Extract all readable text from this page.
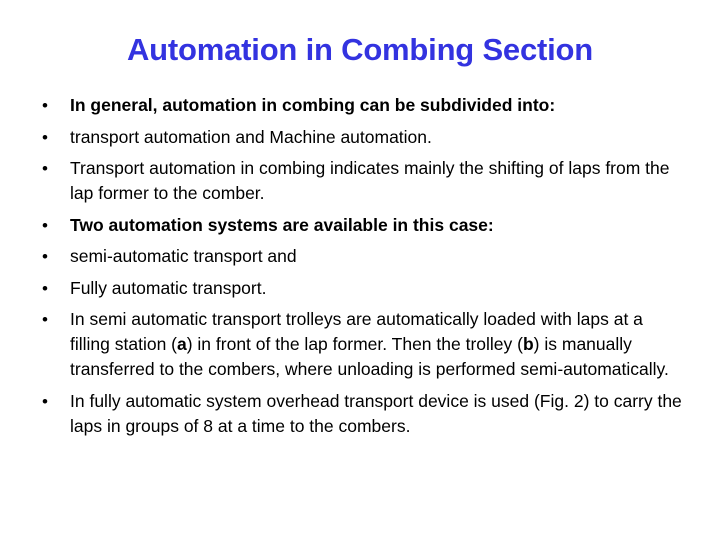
Automation in Combing Section
•	In general, automation in combing can be subdivided into:
•	transport automation and Machine automation.
•	Transport automation in combing indicates mainly the shifting of laps from the lap former to the comber.
•	Two automation systems are available in this case:
•	semi-automatic transport and
•	Fully automatic transport.
•	In semi automatic transport trolleys are automatically loaded with laps at a filling station (a) in front of the lap former. Then the trolley (b) is manually transferred to the combers, where unloading is performed semi-automatically.
•	In fully automatic system overhead transport device is used (Fig. 2) to carry the laps in groups of 8 at a time to the combers.
